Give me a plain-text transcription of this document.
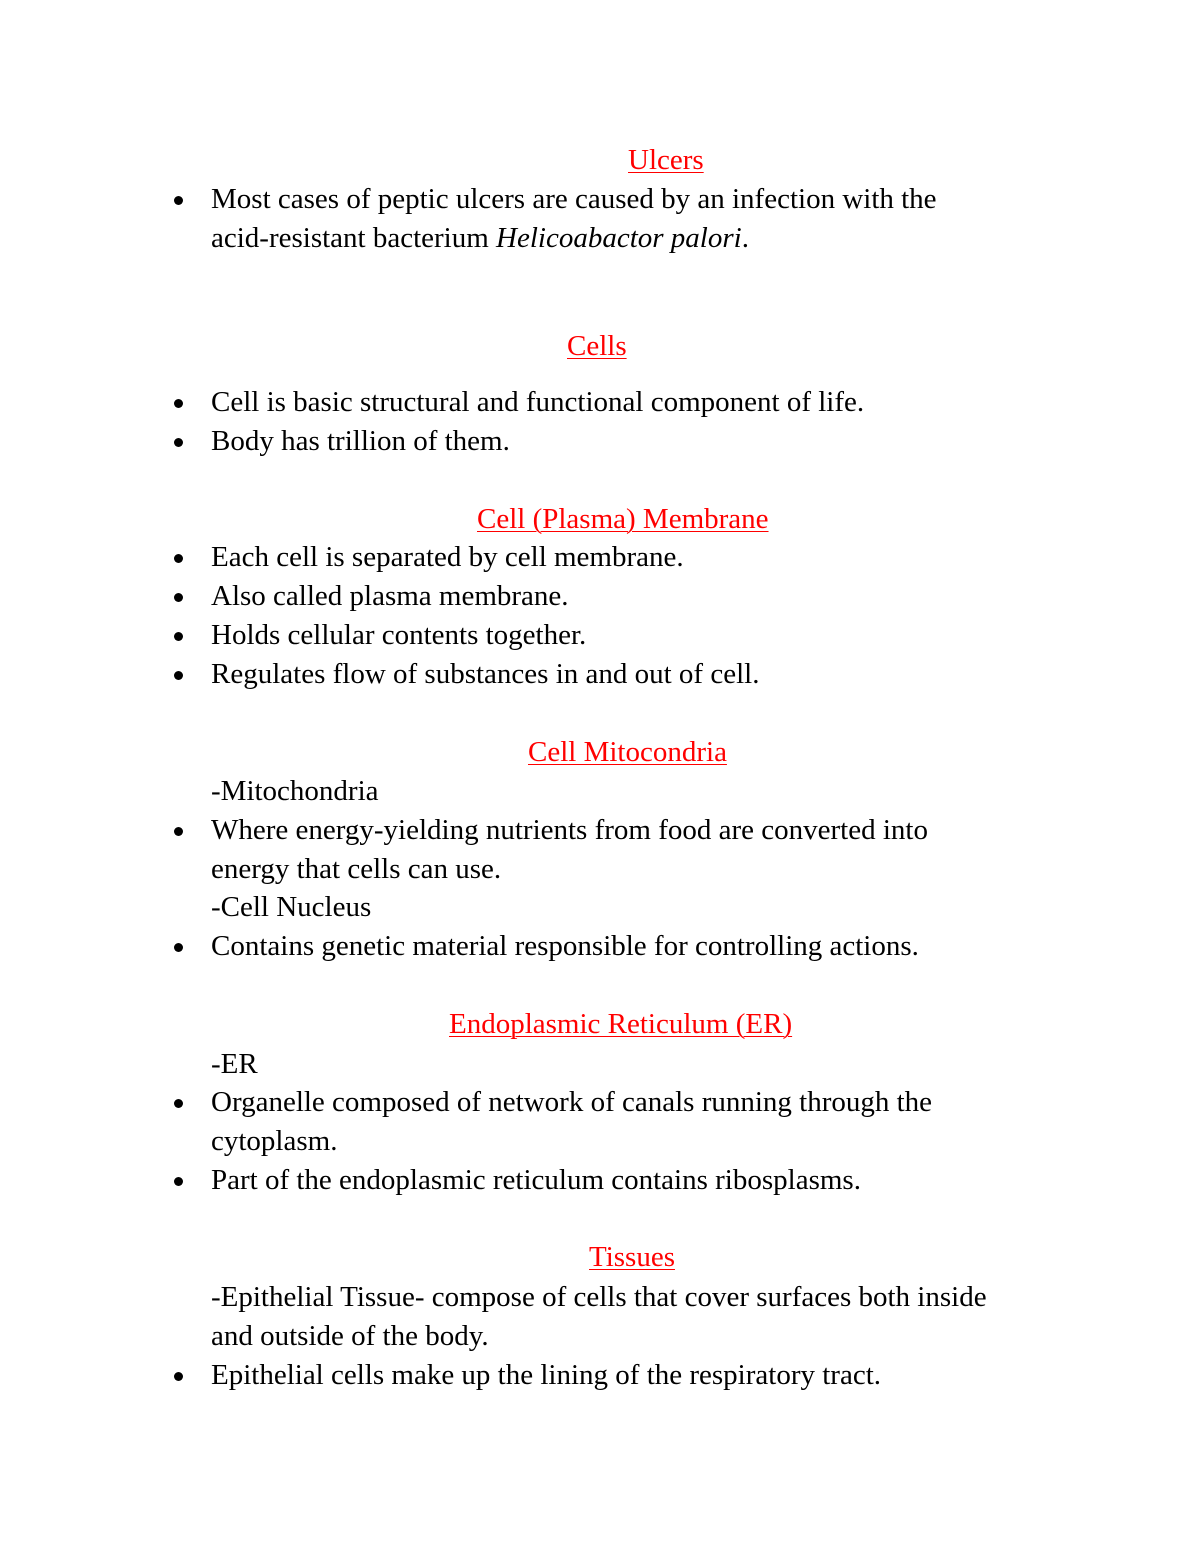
Ulcers
Most cases of peptic ulcers are caused by an infection with the
acid-resistant bacterium Helicoabactor palori.
Cells
Cell is basic structural and functional component of life.
Body has trillion of them.
Cell (Plasma) Membrane
Each cell is separated by cell membrane.
Also called plasma membrane.
Holds cellular contents together.
Regulates flow of substances in and out of cell.
Cell Mitocondria
-Mitochondria
Where energy-yielding nutrients from food are converted into
energy that cells can use.
-Cell Nucleus
Contains genetic material responsible for controlling actions.
Endoplasmic Reticulum (ER)
-ER
Organelle composed of network of canals running through the
cytoplasm.
Part of the endoplasmic reticulum contains ribosplasms.
Tissues
-Epithelial Tissue- compose of cells that cover surfaces both inside
and outside of the body.
Epithelial cells make up the lining of the respiratory tract.
